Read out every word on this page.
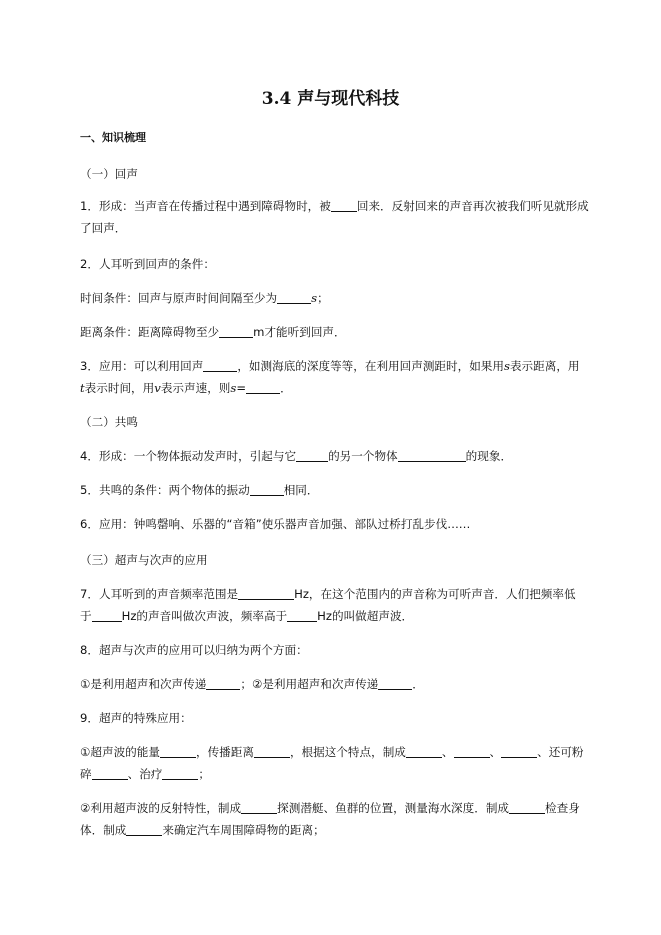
3.4 声与现代科技
一、知识梳理
（一）回声
1．形成：当声音在传播过程中遇到障碍物时，被 回来．反射回来的声音再次被我们听见就形成
了回声．
2．人耳听到回声的条件：
时间条件：回声与原声时间间隔至少为	s；
距离条件：距离障碍物至少	m才能听到回声．
3．应用：可以利用回声	，如测海底的深度等等，在利用回声测距时，如果用s表示距离，用
t表示时间，用v表示声速，则s=	．
（二）共鸣
4．形成：一个物体振动发声时，引起与它	的另一个物体	的现象．
5．共鸣的条件：两个物体的振动	相同．
6．应用：钟鸣罄响、乐器的“音箱”使乐器声音加强、部队过桥打乱步伐……
（三）超声与次声的应用
7．人耳听到的声音频率范围是	Hz，在这个范围内的声音称为可听声音．人们把频率低
于	Hz的声音叫做次声波，频率高于	Hz的叫做超声波．
8．超声与次声的应用可以归纳为两个方面：
①是利用超声和次声传递	；②是利用超声和次声传递	．
9．超声的特殊应用：
①超声波的能量	，传播距离	，根据这个特点，制成	、	、	、还可粉
碎	、治疗	；
②利用超声波的反射特性，制成	探测潜艇、鱼群的位置，测量海水深度．制成	检查身
体．制成	来确定汽车周围障碍物的距离；
